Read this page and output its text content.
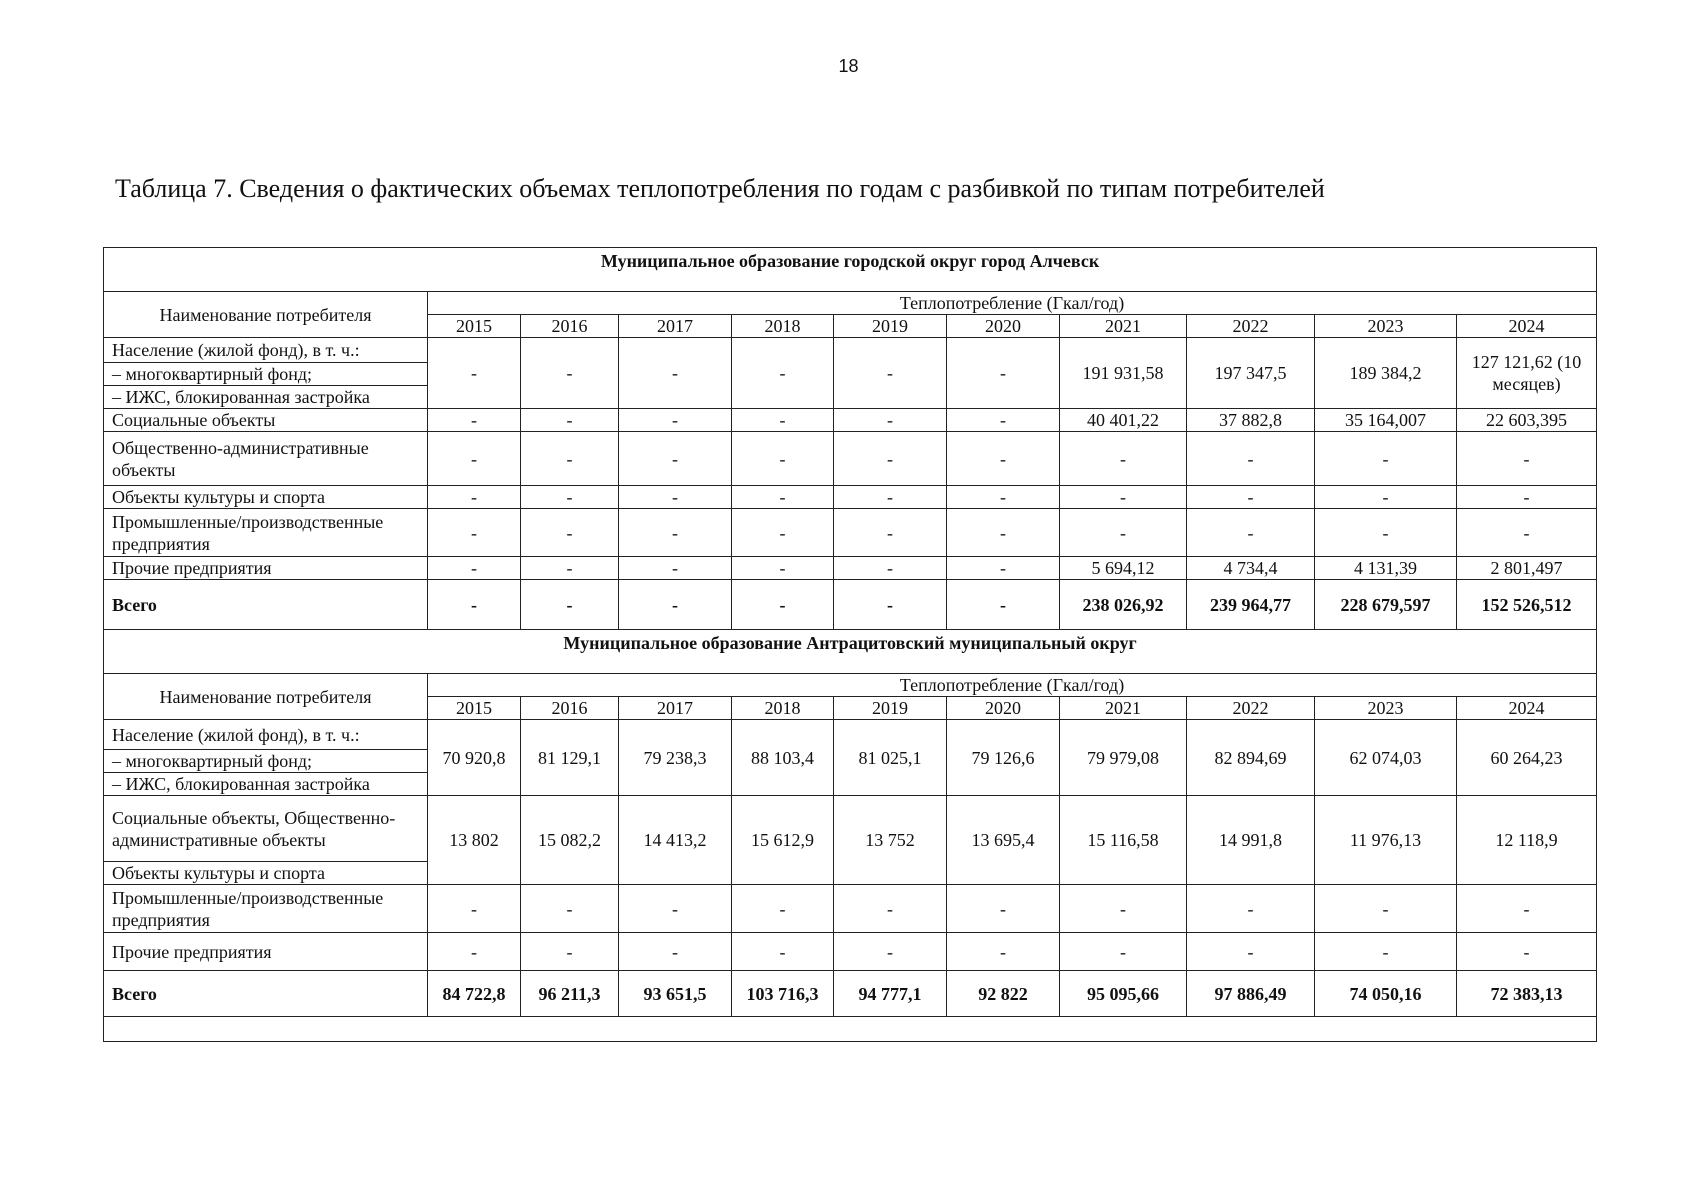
18
Таблица 7. Сведения о фактических объемах теплопотребления по годам с разбивкой по типам потребителей
Муниципальное образование городской округ город Алчевск										
Наименование потребителя	Теплопотребление (Гкал/год)									
	2015	2016	2017	2018	2019	2020	2021	2022	2023	2024
Население (жилой фонд), в т. ч.:	-	-	-	-	-	-	191 931,58	197 347,5	189 384,2	127 121,62 (10 месяцев)
– многоквартирный фонд;										
– ИЖС, блокированная застройка										
Социальные объекты	-	-	-	-	-	-	40 401,22	37 882,8	35 164,007	22 603,395
Общественно-административные объекты	-	-	-	-	-	-	-	-	-	-
Объекты культуры и спорта	-	-	-	-	-	-	-	-	-	-
Промышленные/производственные предприятия	-	-	-	-	-	-	-	-	-	-
Прочие предприятия	-	-	-	-	-	-	5 694,12	4 734,4	4 131,39	2 801,497
Всего	-	-	-	-	-	-	238 026,92	239 964,77	228 679,597	152 526,512
Муниципальное образование Антрацитовский муниципальный округ										
Наименование потребителя	Теплопотребление (Гкал/год)									
	2015	2016	2017	2018	2019	2020	2021	2022	2023	2024
Население (жилой фонд), в т. ч.:	70 920,8	81 129,1	79 238,3	88 103,4	81 025,1	79 126,6	79 979,08	82 894,69	62 074,03	60 264,23
– многоквартирный фонд;										
– ИЖС, блокированная застройка										
Социальные объекты, Общественно-административные объекты	13 802	15 082,2	14 413,2	15 612,9	13 752	13 695,4	15 116,58	14 991,8	11 976,13	12 118,9
Объекты культуры и спорта										
Промышленные/производственные предприятия	-	-	-	-	-	-	-	-	-	-
Прочие предприятия	-	-	-	-	-	-	-	-	-	-
Всего	84 722,8	96 211,3	93 651,5	103 716,3	94 777,1	92 822	95 095,66	97 886,49	74 050,16	72 383,13
